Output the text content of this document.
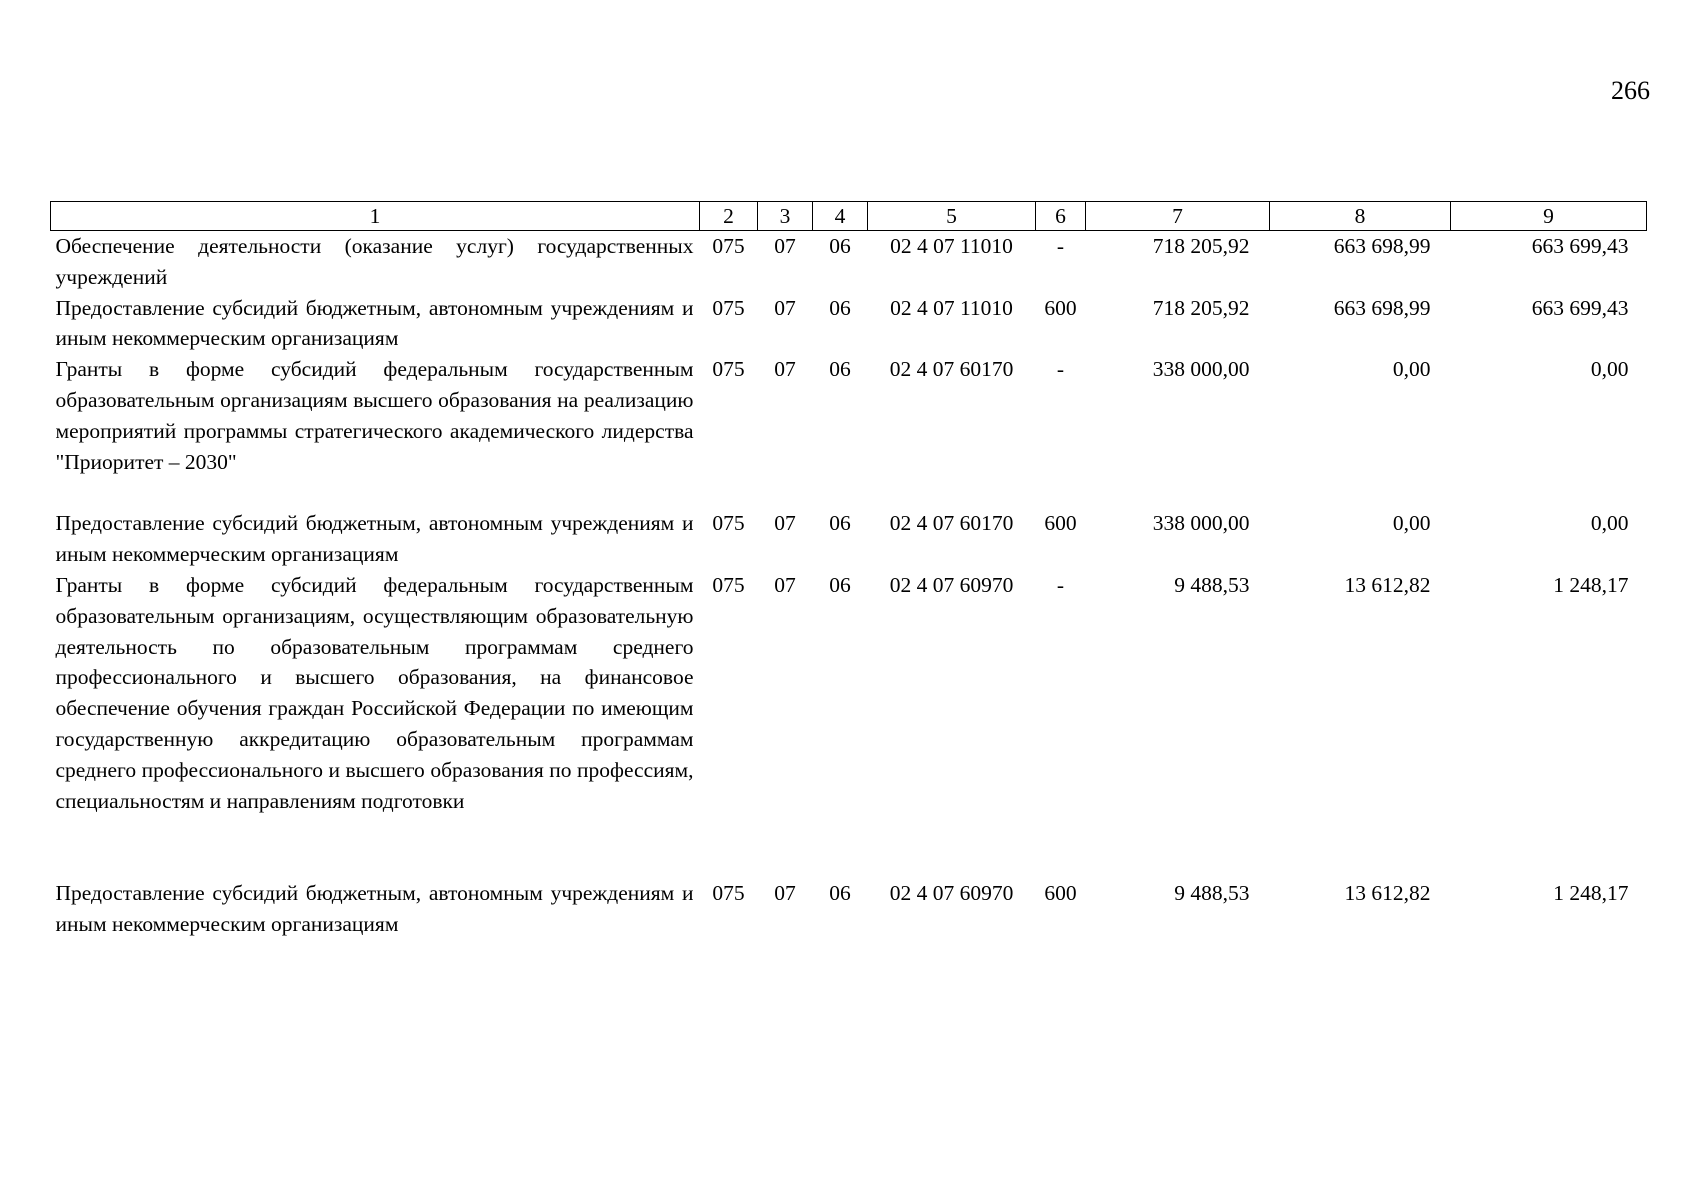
266
1	2	3	4	5	6	7	8	9
Обеспечение деятельности (оказание услуг) государственных учреждений	075	07	06	02 4 07 11010	-	718 205,92	663 698,99	663 699,43
Предоставление субсидий бюджетным, автономным учреждениям и иным некоммерческим организациям	075	07	06	02 4 07 11010	600	718 205,92	663 698,99	663 699,43
Гранты в форме субсидий федеральным государственным образовательным организациям высшего образования на реализацию мероприятий программы стратегического академического лидерства "Приоритет – 2030"	075	07	06	02 4 07 60170	-	338 000,00	0,00	0,00

Предоставление субсидий бюджетным, автономным учреждениям и иным некоммерческим организациям	075	07	06	02 4 07 60170	600	338 000,00	0,00	0,00
Гранты в форме субсидий федеральным государственным образовательным организациям, осуществляющим образовательную деятельность по образовательным программам среднего профессионального и высшего образования, на финансовое обеспечение обучения граждан Российской Федерации по имеющим государственную аккредитацию образовательным программам среднего профессионального и высшего образования по профессиям, специальностям и направлениям подготовки	075	07	06	02 4 07 60970	-	9 488,53	13 612,82	1 248,17

Предоставление субсидий бюджетным, автономным учреждениям и иным некоммерческим организациям	075	07	06	02 4 07 60970	600	9 488,53	13 612,82	1 248,17
